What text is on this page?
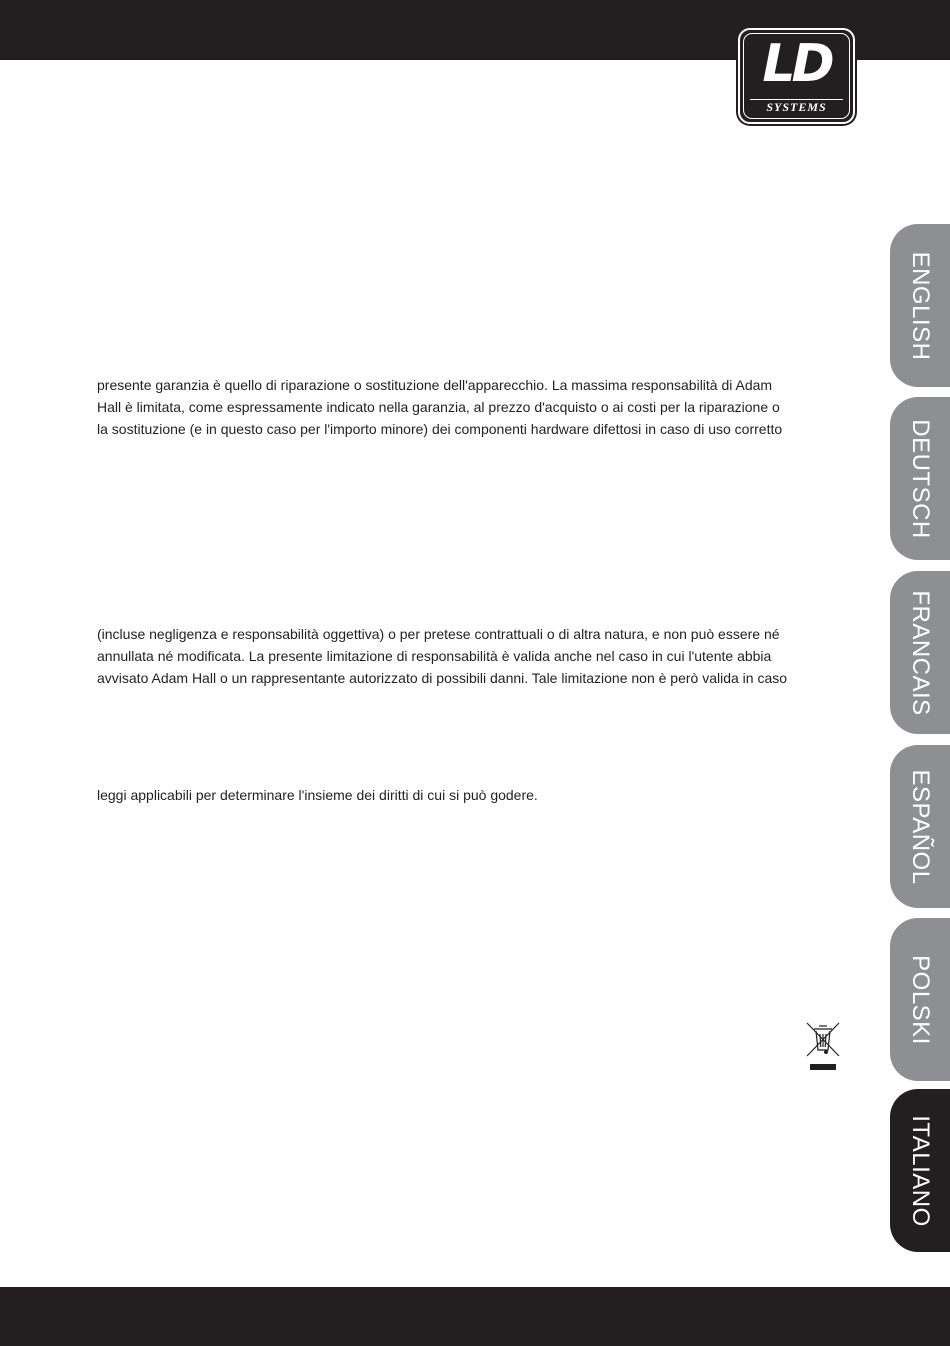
LD
SYSTEMS

presente garanzia è quello di riparazione o sostituzione dell'apparecchio. La massima responsabilità di Adam
Hall è limitata, come espressamente indicato nella garanzia, al prezzo d'acquisto o ai costi per la riparazione o
la sostituzione (e in questo caso per l'importo minore) dei componenti hardware difettosi in caso di uso corretto

(incluse negligenza e responsabilità oggettiva) o per pretese contrattuali o di altra natura, e non può essere né
annullata né modificata. La presente limitazione di responsabilità è valida anche nel caso in cui l'utente abbia
avvisato Adam Hall o un rappresentante autorizzato di possibili danni. Tale limitazione non è però valida in caso

leggi applicabili per determinare l'insieme dei diritti di cui si può godere.

ENGLISH
DEUTSCH
FRANCAIS
ESPAÑOL
POLSKI
ITALIANO
